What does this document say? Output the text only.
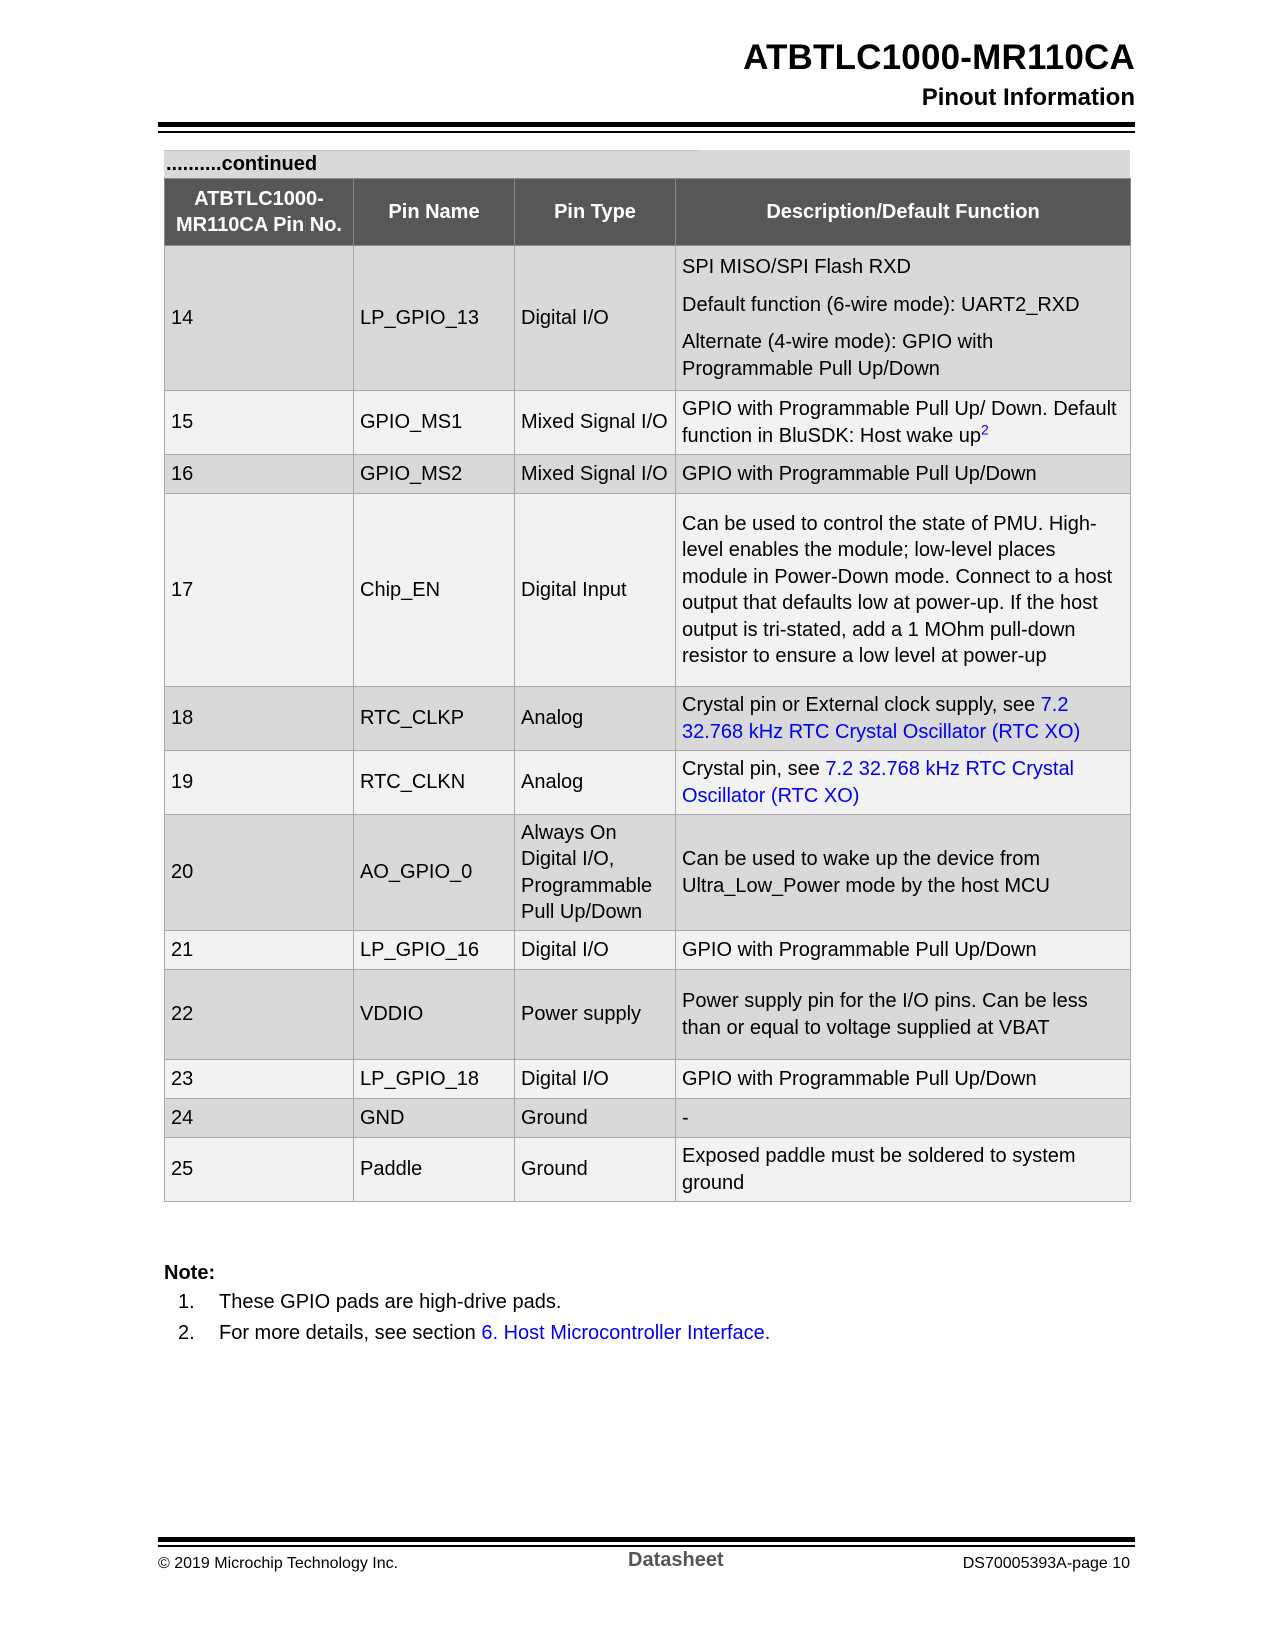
ATBTLC1000-MR110CA
Pinout Information
..........continued
ATBTLC1000-MR110CA Pin No.	Pin Name	Pin Type	Description/Default Function
14	LP_GPIO_13	Digital I/O	SPI MISO/SPI Flash RXD

Default function (6-wire mode): UART2_RXD

Alternate (4-wire mode): GPIO with Programmable Pull Up/Down

15	GPIO_MS1	Mixed Signal I/O	GPIO with Programmable Pull Up/ Down. Default function in BluSDK: Host wake $up^2$
16	GPIO_MS2	Mixed Signal I/O	GPIO with Programmable Pull Up/Down
17	Chip_EN	Digital Input	Can be used to control the state of PMU. High-level enables the module; low-level places module in Power-Down mode. Connect to a host output that defaults low at power-up. If the host output is tri-stated, add a 1 MOhm pull-down resistor to ensure a low level at power-up
18	RTC_CLKP	Analog	Crystal pin or External clock supply, see 7.2 32.768 kHz RTC Crystal Oscillator (RTC XO)
19	RTC_CLKN	Analog	Crystal pin, see 7.2 32.768 kHz RTC Crystal Oscillator (RTC XO)
20	AO_GPIO_0	Always On Digital I/O, Programmable Pull Up/Down	Can be used to wake up the device from Ultra_Low_Power mode by the host MCU
21	LP_GPIO_16	Digital I/O	GPIO with Programmable Pull Up/Down
22	VDDIO	Power supply	Power supply pin for the I/O pins. Can be less than or equal to voltage supplied at VBAT
23	LP_GPIO_18	Digital I/O	GPIO with Programmable Pull Up/Down
24	GND	Ground	-
25	Paddle	Ground	Exposed paddle must be soldered to system ground
Note:
1. These GPIO pads are high-drive pads.
2. For more details, see section 6. Host Microcontroller Interface.
© 2019 Microchip Technology Inc.	Datasheet	DS70005393A-page 10
